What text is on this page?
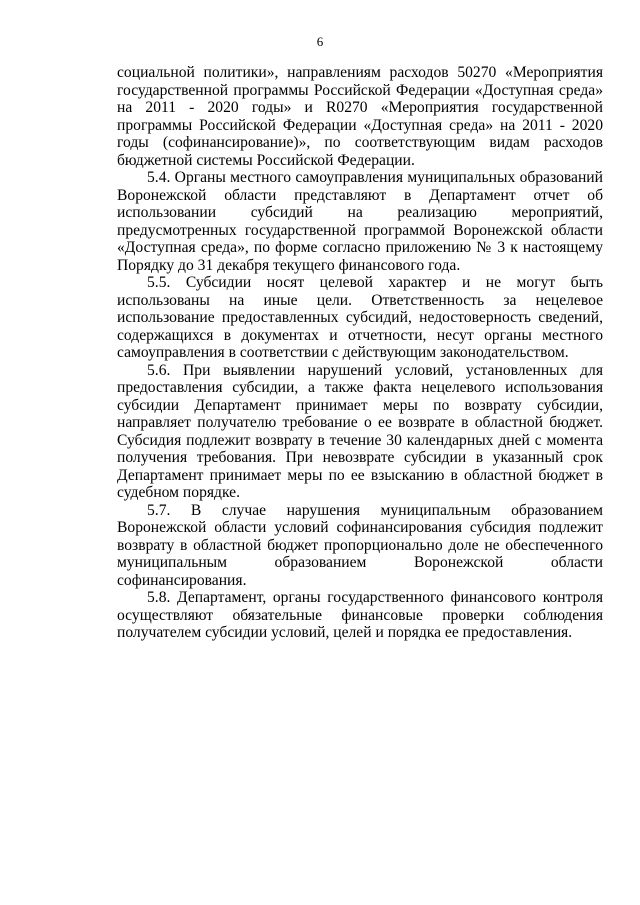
6

социальной политики», направлениям расходов 50270 «Мероприятия государственной программы Российской Федерации «Доступная среда» на 2011 - 2020 годы» и R0270 «Мероприятия государственной программы Российской Федерации «Доступная среда» на 2011 - 2020 годы (софинансирование)», по соответствующим видам расходов бюджетной системы Российской Федерации.

5.4. Органы местного самоуправления муниципальных образований Воронежской области представляют в Департамент отчет об использовании субсидий на реализацию мероприятий, предусмотренных государственной программой Воронежской области «Доступная среда», по форме согласно приложению № 3 к настоящему Порядку до 31 декабря текущего финансового года.

5.5. Субсидии носят целевой характер и не могут быть использованы на иные цели. Ответственность за нецелевое использование предоставленных субсидий, недостоверность сведений, содержащихся в документах и отчетности, несут органы местного самоуправления в соответствии с действующим законодательством.

5.6. При выявлении нарушений условий, установленных для предоставления субсидии, а также факта нецелевого использования субсидии Департамент принимает меры по возврату субсидии, направляет получателю требование о ее возврате в областной бюджет. Субсидия подлежит возврату в течение 30 календарных дней с момента получения требования. При невозврате субсидии в указанный срок Департамент принимает меры по ее взысканию в областной бюджет в судебном порядке.

5.7. В случае нарушения муниципальным образованием Воронежской области условий софинансирования субсидия подлежит возврату в областной бюджет пропорционально доле не обеспеченного муниципальным образованием Воронежской области софинансирования.

5.8. Департамент, органы государственного финансового контроля осуществляют обязательные финансовые проверки соблюдения получателем субсидии условий, целей и порядка ее предоставления.
